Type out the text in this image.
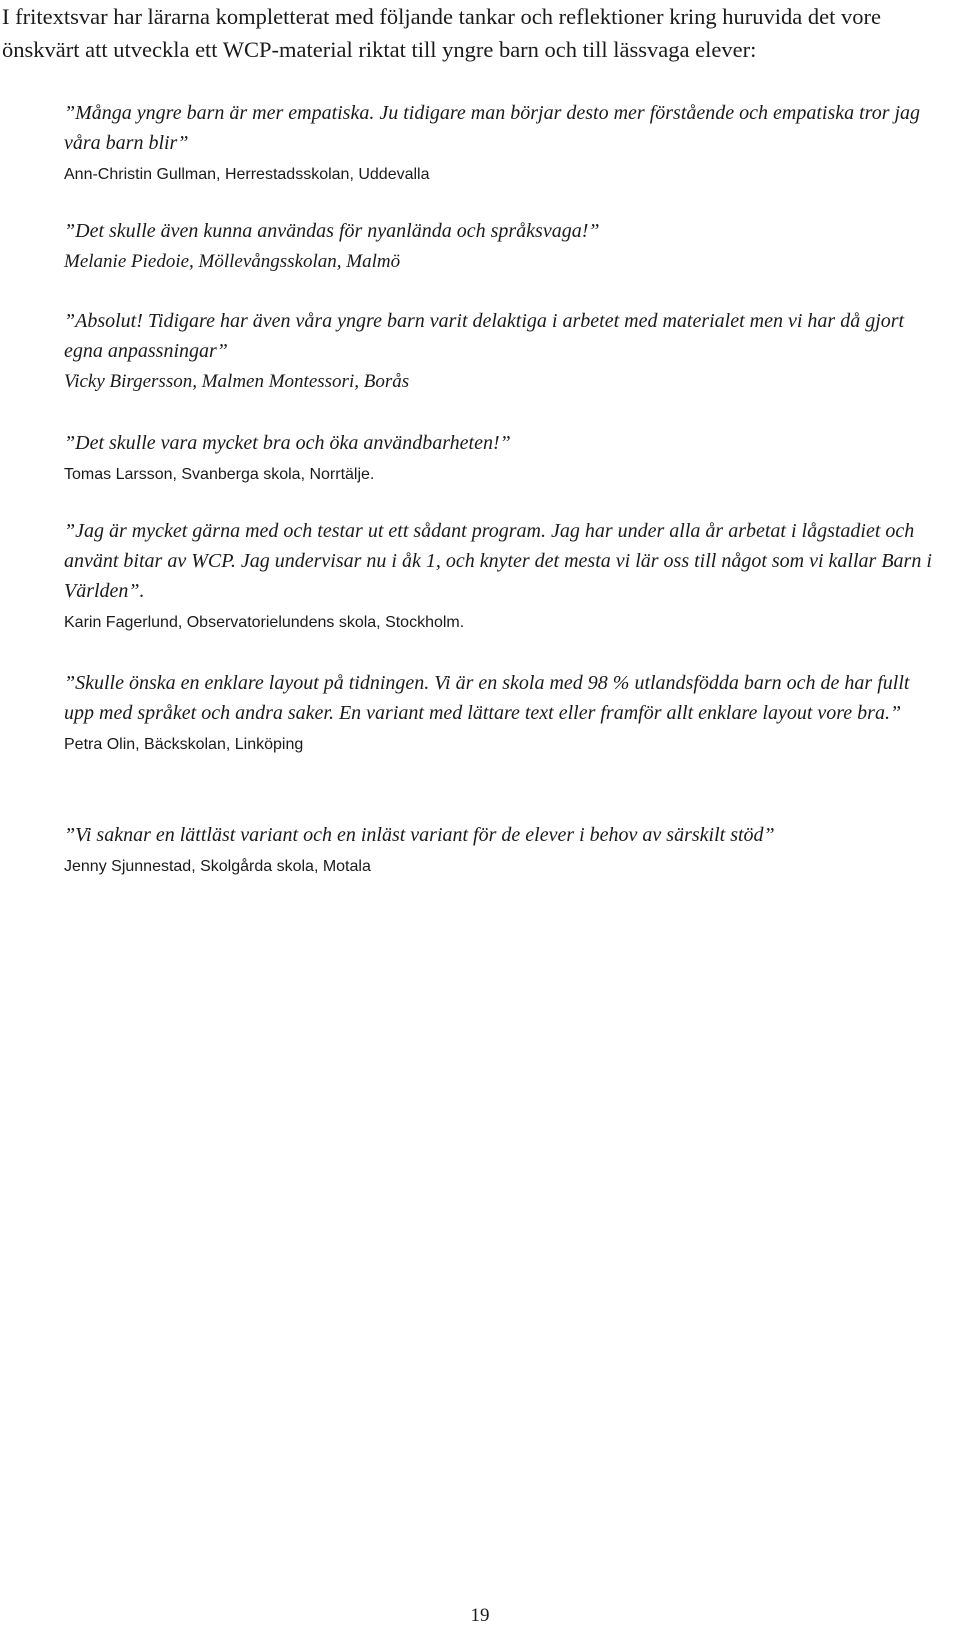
I fritextsvar har lärarna kompletterat med följande tankar och reflektioner kring huruvida det vore önskvärt att utveckla ett WCP-material riktat till yngre barn och till lässvaga elever:

”Många yngre barn är mer empatiska. Ju tidigare man börjar desto mer förstående och empatiska tror jag våra barn blir”

Ann-Christin Gullman, Herrestadsskolan, Uddevalla

”Det skulle även kunna användas för nyanlända och språksvaga!”

Melanie Piedoie, Möllevångsskolan, Malmö

”Absolut! Tidigare har även våra yngre barn varit delaktiga i arbetet med materialet men vi har då gjort egna anpassningar”

Vicky Birgersson, Malmen Montessori, Borås

”Det skulle vara mycket bra och öka användbarheten!”

Tomas Larsson, Svanberga skola, Norrtälje.

”Jag är mycket gärna med och testar ut ett sådant program. Jag har under alla år arbetat i lågstadiet och använt bitar av WCP. Jag undervisar nu i åk 1, och knyter det mesta vi lär oss till något som vi kallar Barn i Världen”.

Karin Fagerlund, Observatorielundens skola, Stockholm.

”Skulle önska en enklare layout på tidningen. Vi är en skola med 98 % utlandsfödda barn och de har fullt upp med språket och andra saker. En variant med lättare text eller framför allt enklare layout vore bra.”

Petra Olin, Bäckskolan, Linköping

”Vi saknar en lättläst variant och en inläst variant för de elever i behov av särskilt stöd”

Jenny Sjunnestad, Skolgårda skola, Motala

19
